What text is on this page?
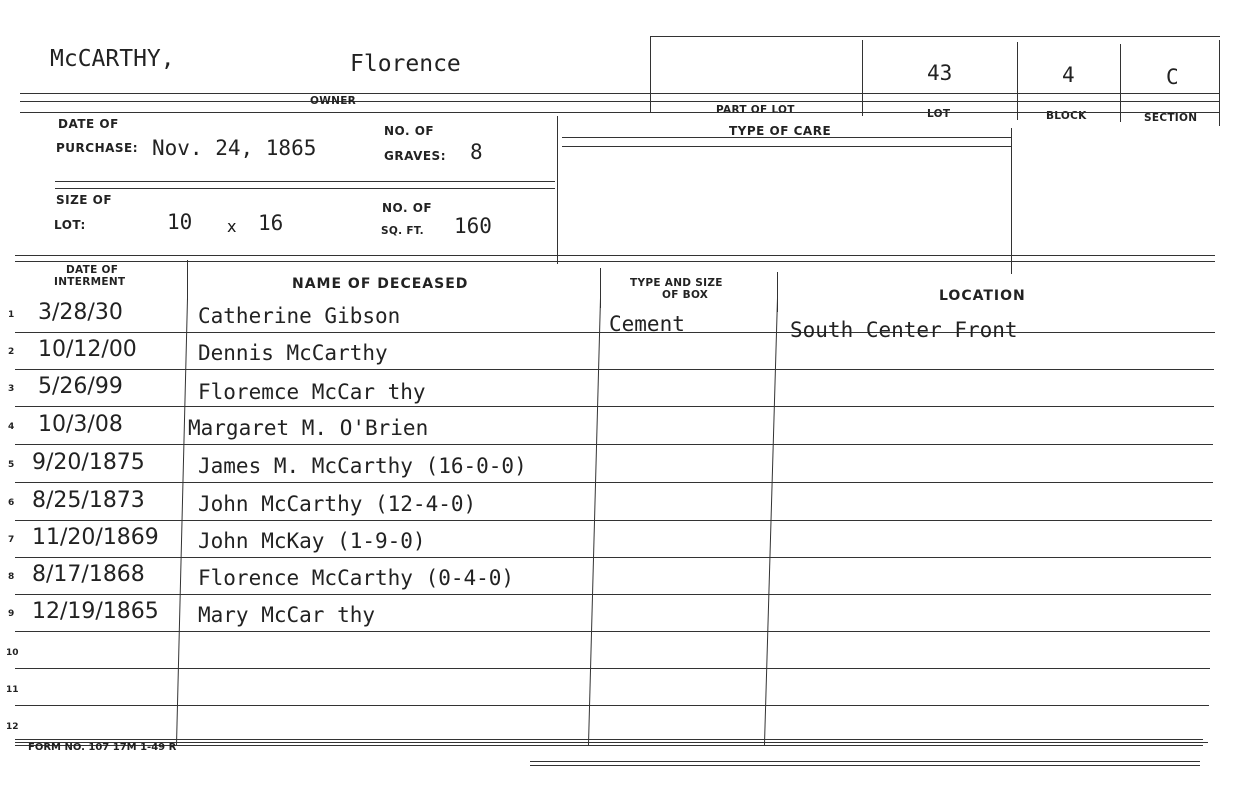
McCARTHY,	Florence	43	4	C
OWNER
PART OF LOT	LOT	BLOCK	SECTION
DATE OF
PURCHASE: Nov. 24, 1865
NO. OF
GRAVES: 8
SIZE OF
LOT:	10 x 16
NO. OF
SQ. FT. 160
TYPE OF CARE
DATE OF
INTERMENT	NAME OF DECEASED	TYPE AND SIZE
OF BOX	LOCATION
1 3/28/30	Catherine Gibson	Cement	South Center Front
2 10/12/00	Dennis McCarthy
3 5/26/99	Floremce McCar thy
4 10/3/08	Margaret M. O'Brien
5 9/20/1875	James M. McCarthy (16-0-0)
6 8/25/1873	John McCarthy (12-4-0)
7 11/20/1869 John McKay (1-9-0)
8 8/17/1868	Florence McCarthy (0-4-0)
9 12/19/1865 Mary McCar thy
10
11
12
FORM NO. 107 17M 1-49 R
